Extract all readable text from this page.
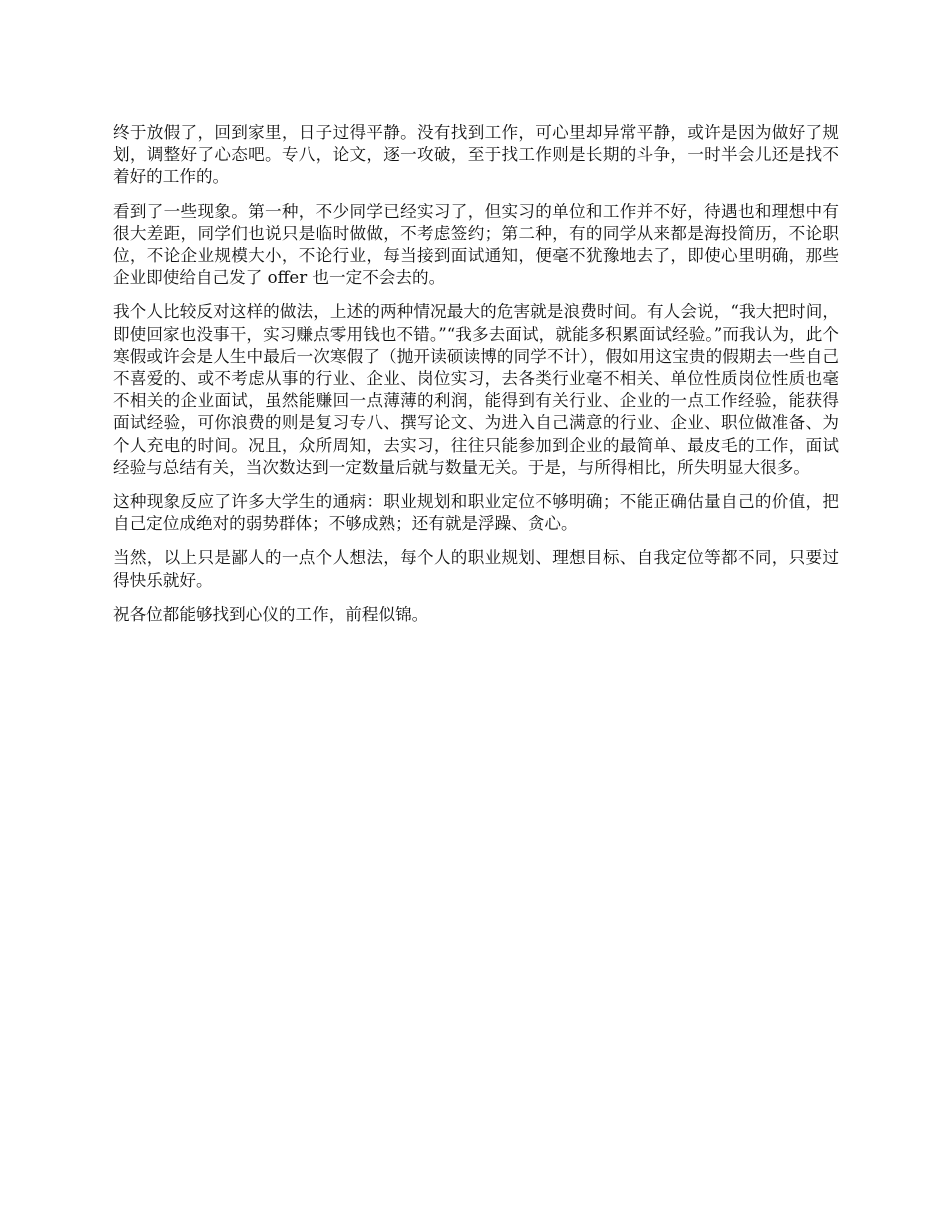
终于放假了，回到家里，日子过得平静。没有找到工作，可心里却异常平静，或许是因为做好了规划，调整好了心态吧。专八，论文，逐一攻破，至于找工作则是长期的斗争，一时半会儿还是找不着好的工作的。

看到了一些现象。第一种，不少同学已经实习了，但实习的单位和工作并不好，待遇也和理想中有很大差距，同学们也说只是临时做做，不考虑签约；第二种，有的同学从来都是海投简历，不论职位，不论企业规模大小，不论行业，每当接到面试通知，便毫不犹豫地去了，即使心里明确，那些企业即使给自己发了 offer 也一定不会去的。

我个人比较反对这样的做法，上述的两种情况最大的危害就是浪费时间。有人会说，“我大把时间，即使回家也没事干，实习赚点零用钱也不错。”“我多去面试，就能多积累面试经验。”而我认为，此个寒假或许会是人生中最后一次寒假了（抛开读硕读博的同学不计），假如用这宝贵的假期去一些自己不喜爱的、或不考虑从事的行业、企业、岗位实习，去各类行业毫不相关、单位性质岗位性质也毫不相关的企业面试，虽然能赚回一点薄薄的利润，能得到有关行业、企业的一点工作经验，能获得面试经验，可你浪费的则是复习专八、撰写论文、为进入自己满意的行业、企业、职位做准备、为个人充电的时间。况且，众所周知，去实习，往往只能参加到企业的最简单、最皮毛的工作，面试经验与总结有关，当次数达到一定数量后就与数量无关。于是，与所得相比，所失明显大很多。

这种现象反应了许多大学生的通病：职业规划和职业定位不够明确；不能正确估量自己的价值，把自己定位成绝对的弱势群体；不够成熟；还有就是浮躁、贪心。

当然，以上只是鄙人的一点个人想法，每个人的职业规划、理想目标、自我定位等都不同，只要过得快乐就好。

祝各位都能够找到心仪的工作，前程似锦。
